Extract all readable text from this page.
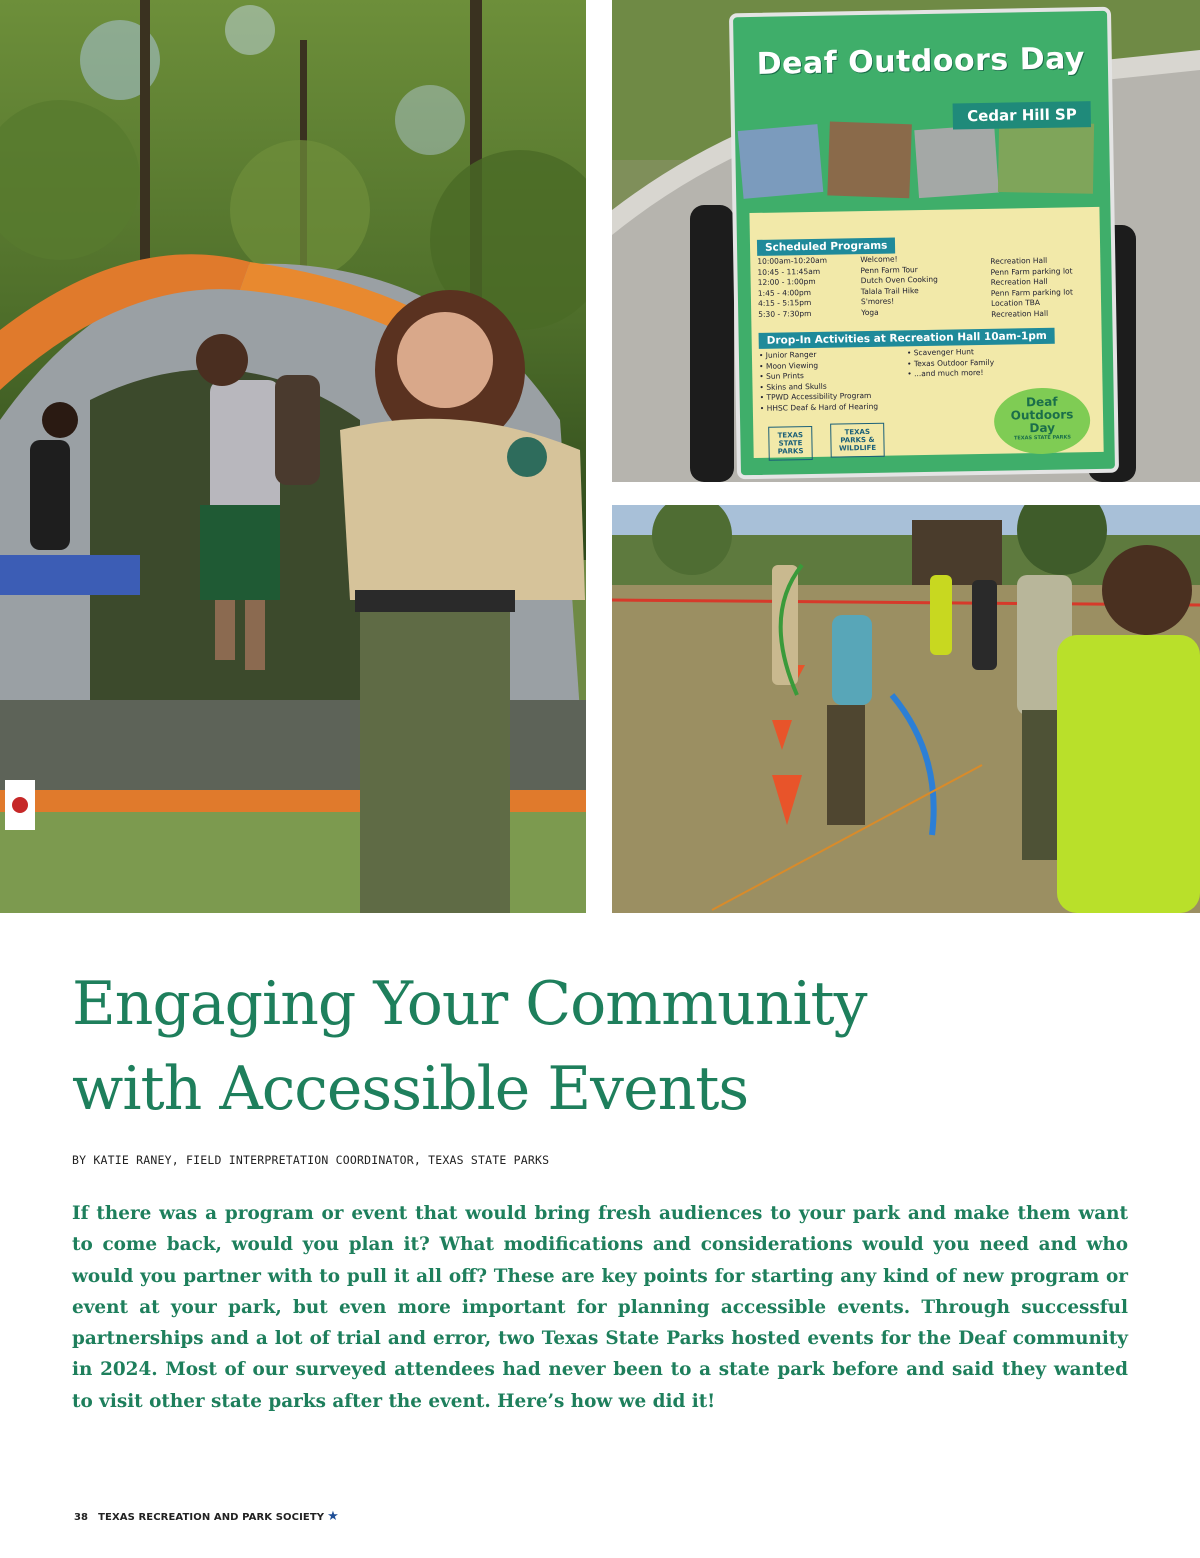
Deaf Outdoors Day
Cedar Hill SP
Scheduled Programs
10:00am-10:20am
10:45 - 11:45am
12:00 - 1:00pm
1:45 - 4:00pm
4:15 - 5:15pm
5:30 - 7:30pm
Welcome!
Penn Farm Tour
Dutch Oven Cooking
Talala Trail Hike
S'mores!
Yoga
Recreation Hall
Penn Farm parking lot
Recreation Hall
Penn Farm parking lot
Location TBA
Recreation Hall
Drop-In Activities at Recreation Hall 10am-1pm
• Junior Ranger
• Moon Viewing
• Sun Prints
• Skins and Skulls
• TPWD Accessibility Program
• HHSC Deaf & Hard of Hearing
• Scavenger Hunt
• Texas Outdoor Family
• ...and much more!
TEXAS STATE PARKS
TEXAS PARKS & WILDLIFE
Deaf
Outdoors
Day
TEXAS STATE PARKS
Engaging Your Community
with Accessible Events
BY KATIE RANEY, FIELD INTERPRETATION COORDINATOR, TEXAS STATE PARKS

If there was a program or event that would bring fresh audiences to your park and make them want to come back, would you plan it? What modifications and considerations would you need and who would you partner with to pull it all off? These are key points for starting any kind of new program or event at your park, but even more important for planning accessible events. Through successful partnerships and a lot of trial and error, two Texas State Parks hosted events for the Deaf community in 2024. Most of our surveyed attendees had never been to a state park before and said they wanted to visit other state parks after the event. Here’s how we did it!

38 TEXAS RECREATION AND PARK SOCIETY ★
